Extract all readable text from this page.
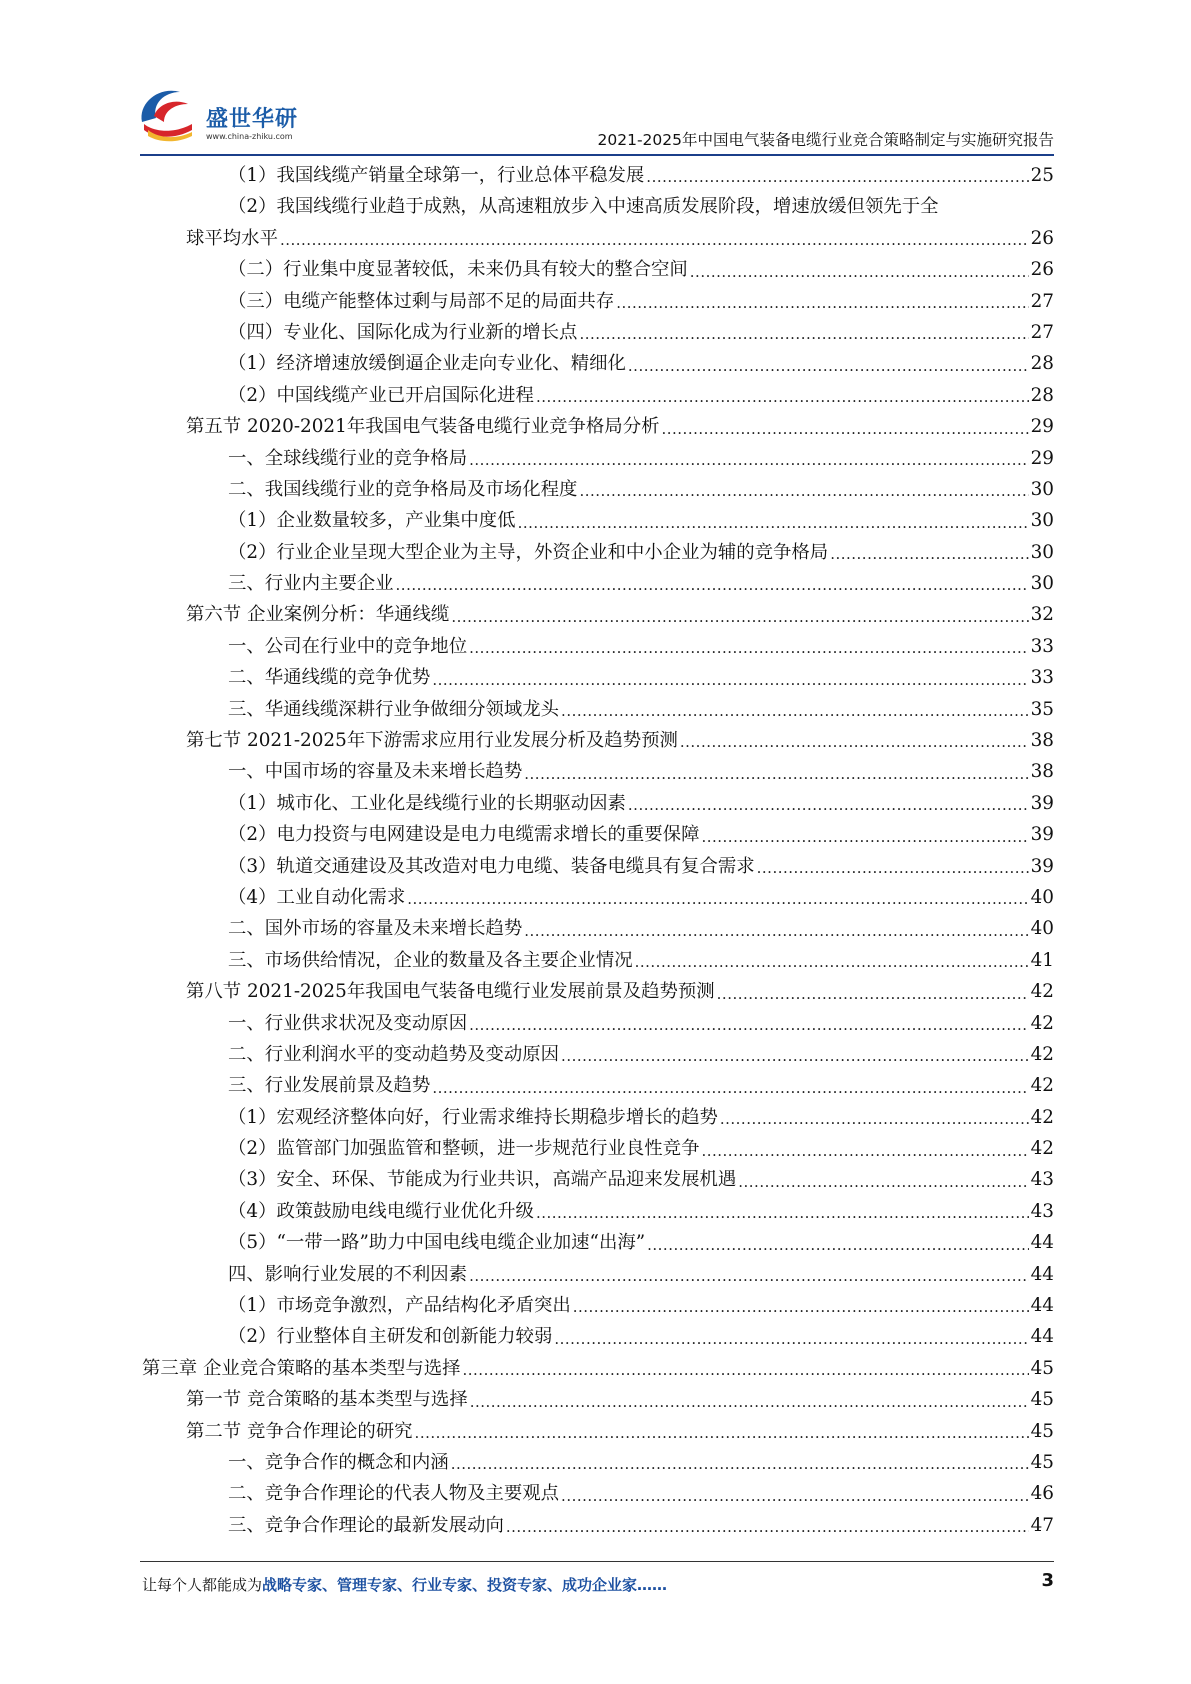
盛世华研
www.china-zhiku.com	2021-2025年中国电气装备电缆行业竞合策略制定与实施研究报告
（1）我国线缆产销量全球第一，行业总体平稳发展 .....	25
（2）我国线缆行业趋于成熟，从高速粗放步入中速高质发展阶段，增速放缓但领先于全
球平均水平 .....	26
（二）行业集中度显著较低，未来仍具有较大的整合空间 .....	26
（三）电缆产能整体过剩与局部不足的局面共存 .....	27
（四）专业化、国际化成为行业新的增长点 .....	27
（1）经济增速放缓倒逼企业走向专业化、精细化 .....	28
（2）中国线缆产业已开启国际化进程 .....	28
第五节 2020-2021年我国电气装备电缆行业竞争格局分析 .....	29
一、全球线缆行业的竞争格局 .....	29
二、我国线缆行业的竞争格局及市场化程度 .....	30
（1）企业数量较多，产业集中度低 .....	30
（2）行业企业呈现大型企业为主导，外资企业和中小企业为辅的竞争格局 .....	30
三、行业内主要企业 .....	30
第六节 企业案例分析：华通线缆 .....	32
一、公司在行业中的竞争地位 .....	33
二、华通线缆的竞争优势 .....	33
三、华通线缆深耕行业争做细分领域龙头 .....	35
第七节 2021-2025年下游需求应用行业发展分析及趋势预测 .....	38
一、中国市场的容量及未来增长趋势 .....	38
（1）城市化、工业化是线缆行业的长期驱动因素 .....	39
（2）电力投资与电网建设是电力电缆需求增长的重要保障 .....	39
（3）轨道交通建设及其改造对电力电缆、装备电缆具有复合需求 .....	39
（4）工业自动化需求 .....	40
二、国外市场的容量及未来增长趋势 .....	40
三、市场供给情况，企业的数量及各主要企业情况 .....	41
第八节 2021-2025年我国电气装备电缆行业发展前景及趋势预测 .....	42
一、行业供求状况及变动原因 .....	42
二、行业利润水平的变动趋势及变动原因 .....	42
三、行业发展前景及趋势 .....	42
（1）宏观经济整体向好，行业需求维持长期稳步增长的趋势 .....	42
（2）监管部门加强监管和整顿，进一步规范行业良性竞争 .....	42
（3）安全、环保、节能成为行业共识，高端产品迎来发展机遇 .....	43
（4）政策鼓励电线电缆行业优化升级 .....	43
（5）“一带一路”助力中国电线电缆企业加速“出海” .....	44
四、影响行业发展的不利因素 .....	44
（1）市场竞争激烈，产品结构化矛盾突出 .....	44
（2）行业整体自主研发和创新能力较弱 .....	44
第三章 企业竞合策略的基本类型与选择 .....	45
第一节 竞合策略的基本类型与选择 .....	45
第二节 竞争合作理论的研究 .....	45
一、竞争合作的概念和内涵 .....	45
二、竞争合作理论的代表人物及主要观点 .....	46
三、竞争合作理论的最新发展动向 .....	47
让每个人都能成为战略专家、管理专家、行业专家、投资专家、成功企业家……	3
